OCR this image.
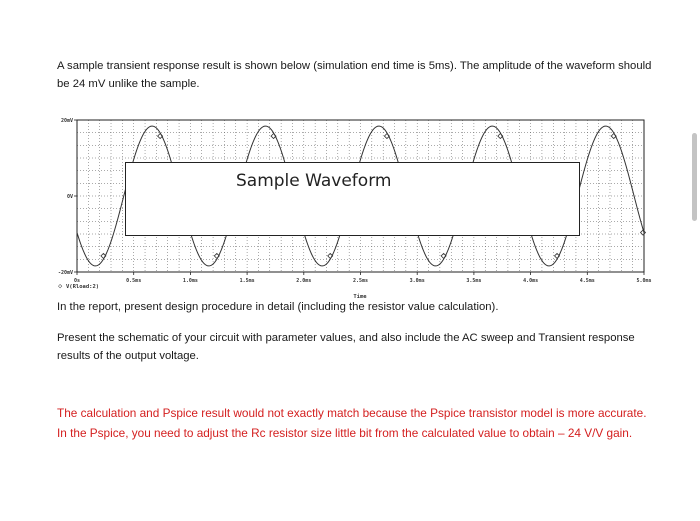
A sample transient response result is shown below (simulation end time is 5ms). The amplitude of the waveform should be 24 mV unlike the sample.

-20mV
0V
20mV
0s	0.5ms	1.0ms	1.5ms	2.0ms	2.5ms	3.0ms	3.5ms	4.0ms	4.5ms	5.0ms
◇ V(Rload:2)
Time
Sample Waveform

In the report, present design procedure in detail (including the resistor value calculation).

Present the schematic of your circuit with parameter values, and also include the AC sweep and Transient response results of the output voltage.

The calculation and Pspice result would not exactly match because the Pspice transistor model is more accurate. In the Pspice, you need to adjust the Rc resistor size little bit from the calculated value to obtain – 24 V/V gain.
